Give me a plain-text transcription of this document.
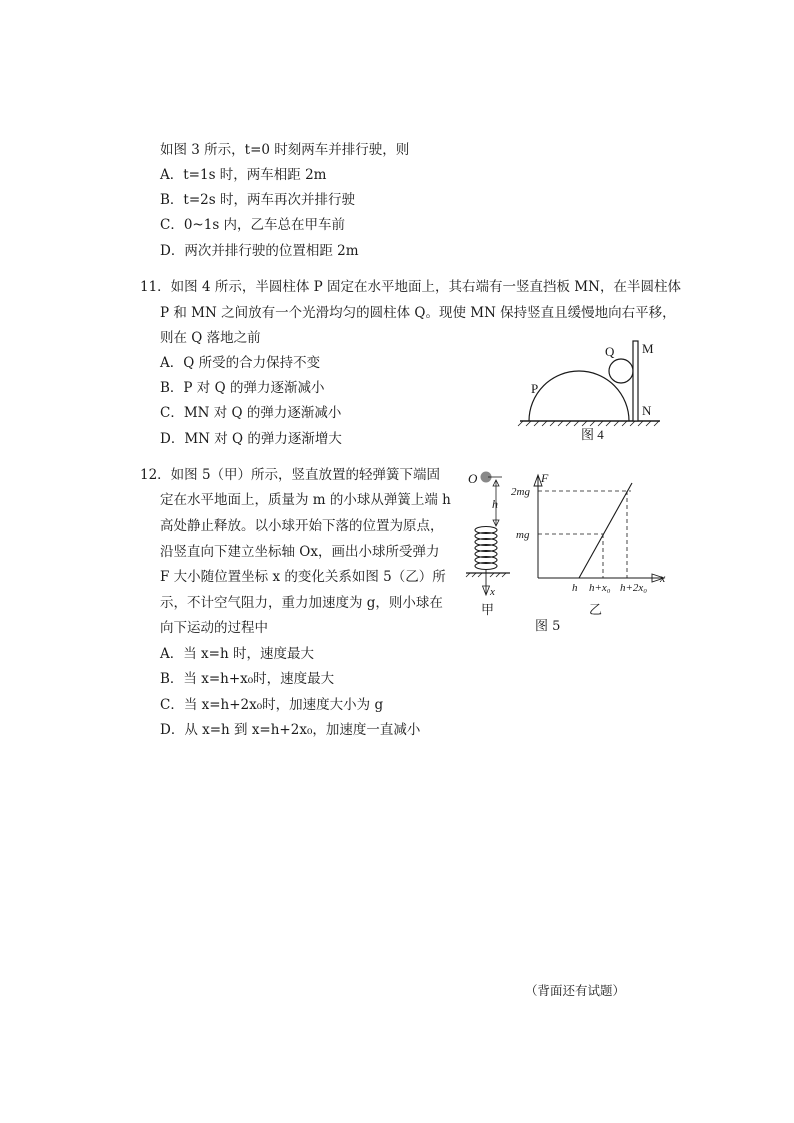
如图 3 所示，t=0 时刻两车并排行驶，则
A．t=1s 时，两车相距 2m
B．t=2s 时，两车再次并排行驶
C．0~1s 内，乙车总在甲车前
D．两次并排行驶的位置相距 2m
11．如图 4 所示，半圆柱体 P 固定在水平地面上，其右端有一竖直挡板 MN，在半圆柱体
P 和 MN 之间放有一个光滑均匀的圆柱体 Q。现使 MN 保持竖直且缓慢地向右平移，
则在 Q 落地之前
A．Q 所受的合力保持不变
B．P 对 Q 的弹力逐渐减小
C．MN 对 Q 的弹力逐渐减小
D．MN 对 Q 的弹力逐渐增大
P
Q M
N
图 4
12．如图 5（甲）所示，竖直放置的轻弹簧下端固
定在水平地面上，质量为 m 的小球从弹簧上端 h
高处静止释放。以小球开始下落的位置为原点，
沿竖直向下建立坐标轴 Ox，画出小球所受弹力
F 大小随位置坐标 x 的变化关系如图 5（乙）所
示，不计空气阻力，重力加速度为 g，则小球在
向下运动的过程中
A．当 x=h 时，速度最大
B．当 x=h+x₀时，速度最大
C．当 x=h+2x₀时，加速度大小为 g
D．从 x=h 到 x=h+2x₀，加速度一直减小
O
h
x
甲
F
x
2mg
mg
h h+x₀ h+2x₀
乙
图 5
（背面还有试题）
